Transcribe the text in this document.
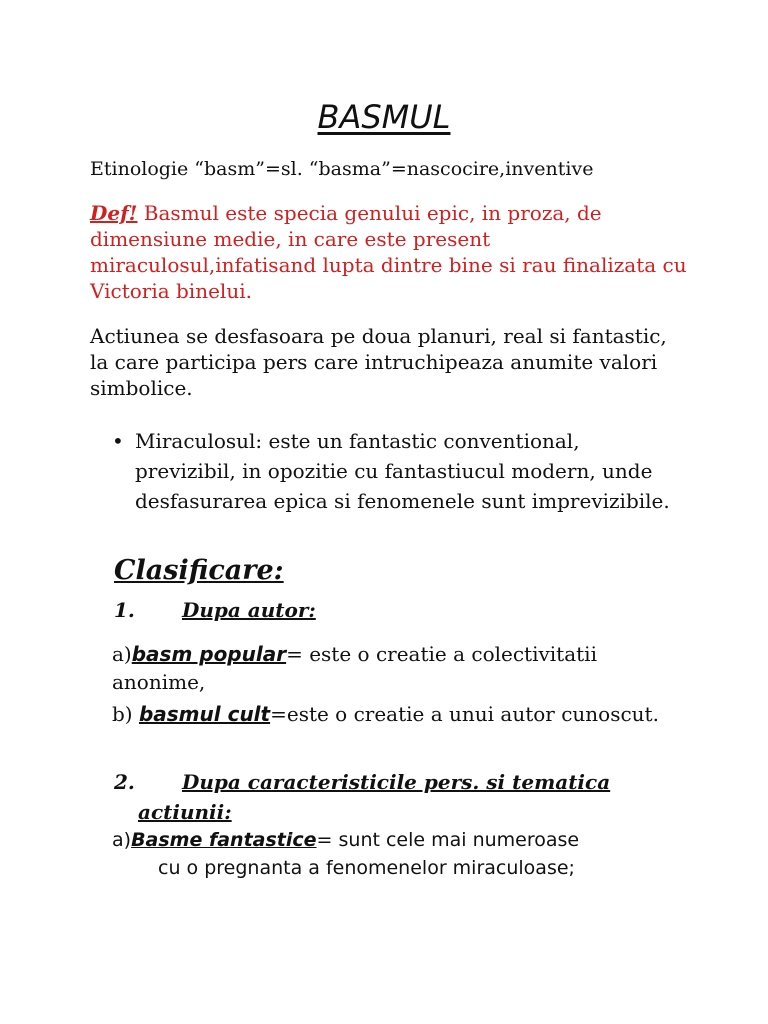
BASMUL

Etinologie “basm”=sl. “basma”=nascocire,inventive

Def! Basmul este specia genului epic, in proza, de dimensiune medie, in care este present miraculosul,infatisand lupta dintre bine si rau finalizata cu Victoria binelui.

Actiunea se desfasoara pe doua planuri, real si fantastic, la care participa pers care intruchipeaza anumite valori simbolice.

• Miraculosul: este un fantastic conventional, previzibil, in opozitie cu fantastiucul modern, unde desfasurarea epica si fenomenele sunt imprevizibile.
Clasificare:
1. Dupa autor:
a)basm popular= este o creatie a colectivitatii anonime,
b) basmul cult=este o creatie a unui autor cunoscut.
2. Dupa caracteristicile pers. si tematica
actiunii:
a)Basme fantastice= sunt cele mai numeroase
cu o pregnanta a fenomenelor miraculoase;
